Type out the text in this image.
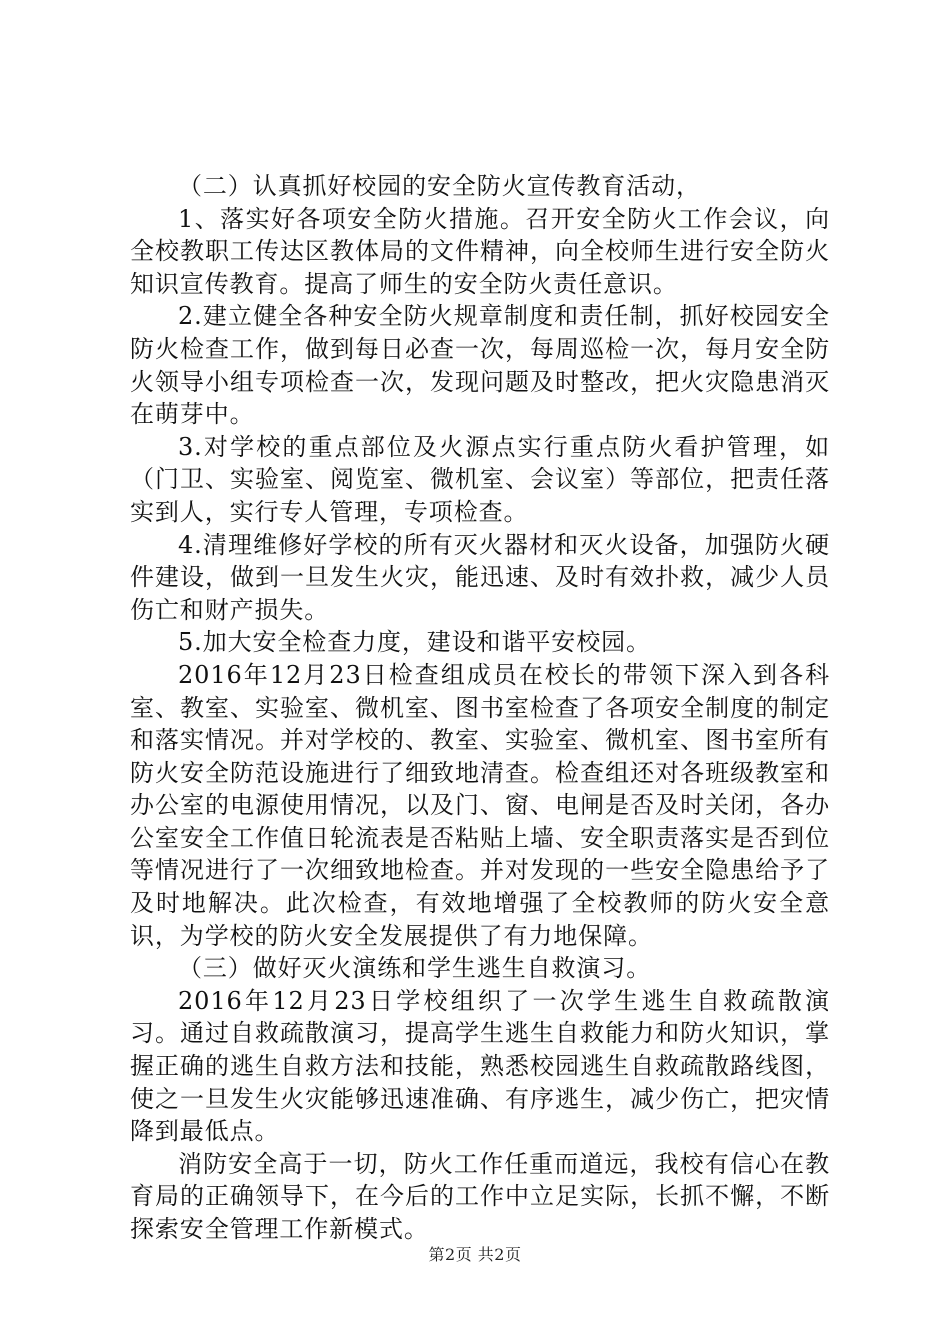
（二）认真抓好校园的安全防火宣传教育活动，

1、落实好各项安全防火措施。召开安全防火工作会议，向全校教职工传达区教体局的文件精神，向全校师生进行安全防火知识宣传教育。提高了师生的安全防火责任意识。

2.建立健全各种安全防火规章制度和责任制，抓好校园安全防火检查工作，做到每日必查一次，每周巡检一次，每月安全防火领导小组专项检查一次，发现问题及时整改，把火灾隐患消灭在萌芽中。

3.对学校的重点部位及火源点实行重点防火看护管理，如（门卫、实验室、阅览室、微机室、会议室）等部位，把责任落实到人，实行专人管理，专项检查。

4.清理维修好学校的所有灭火器材和灭火设备，加强防火硬件建设，做到一旦发生火灾，能迅速、及时有效扑救，减少人员伤亡和财产损失。

5.加大安全检查力度，建设和谐平安校园。

2016年12月23日检查组成员在校长的带领下深入到各科室、教室、实验室、微机室、图书室检查了各项安全制度的制定和落实情况。并对学校的、教室、实验室、微机室、图书室所有防火安全防范设施进行了细致地清查。检查组还对各班级教室和办公室的电源使用情况，以及门、窗、电闸是否及时关闭，各办公室安全工作值日轮流表是否粘贴上墙、安全职责落实是否到位等情况进行了一次细致地检查。并对发现的一些安全隐患给予了及时地解决。此次检查，有效地增强了全校教师的防火安全意识，为学校的防火安全发展提供了有力地保障。

（三）做好灭火演练和学生逃生自救演习。

2016年12月23日学校组织了一次学生逃生自救疏散演习。通过自救疏散演习，提高学生逃生自救能力和防火知识，掌握正确的逃生自救方法和技能，熟悉校园逃生自救疏散路线图，使之一旦发生火灾能够迅速准确、有序逃生，减少伤亡，把灾情降到最低点。

消防安全高于一切，防火工作任重而道远，我校有信心在教育局的正确领导下，在今后的工作中立足实际，长抓不懈，不断探索安全管理工作新模式。

第2页 共2页
